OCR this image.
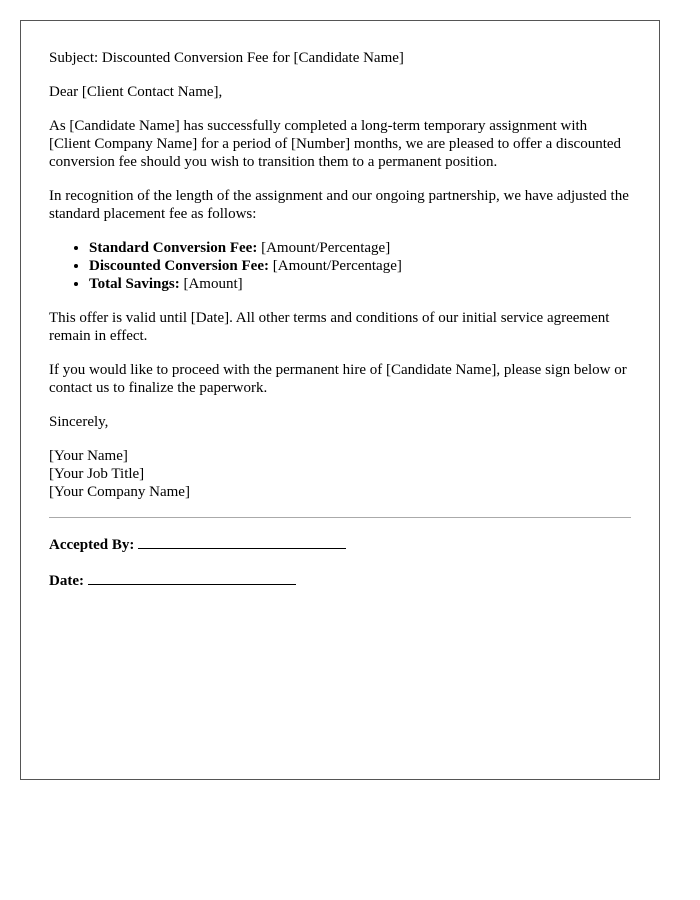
Subject: Discounted Conversion Fee for [Candidate Name]

Dear [Client Contact Name],

As [Candidate Name] has successfully completed a long-term temporary assignment with [Client Company Name] for a period of [Number] months, we are pleased to offer a discounted conversion fee should you wish to transition them to a permanent position.

In recognition of the length of the assignment and our ongoing partnership, we have adjusted the standard placement fee as follows:

• Standard Conversion Fee: [Amount/Percentage]
• Discounted Conversion Fee: [Amount/Percentage]
• Total Savings: [Amount]

This offer is valid until [Date]. All other terms and conditions of our initial service agreement remain in effect.

If you would like to proceed with the permanent hire of [Candidate Name], please sign below or contact us to finalize the paperwork.

Sincerely,

[Your Name]
[Your Job Title]
[Your Company Name]
Accepted By:
Date:
